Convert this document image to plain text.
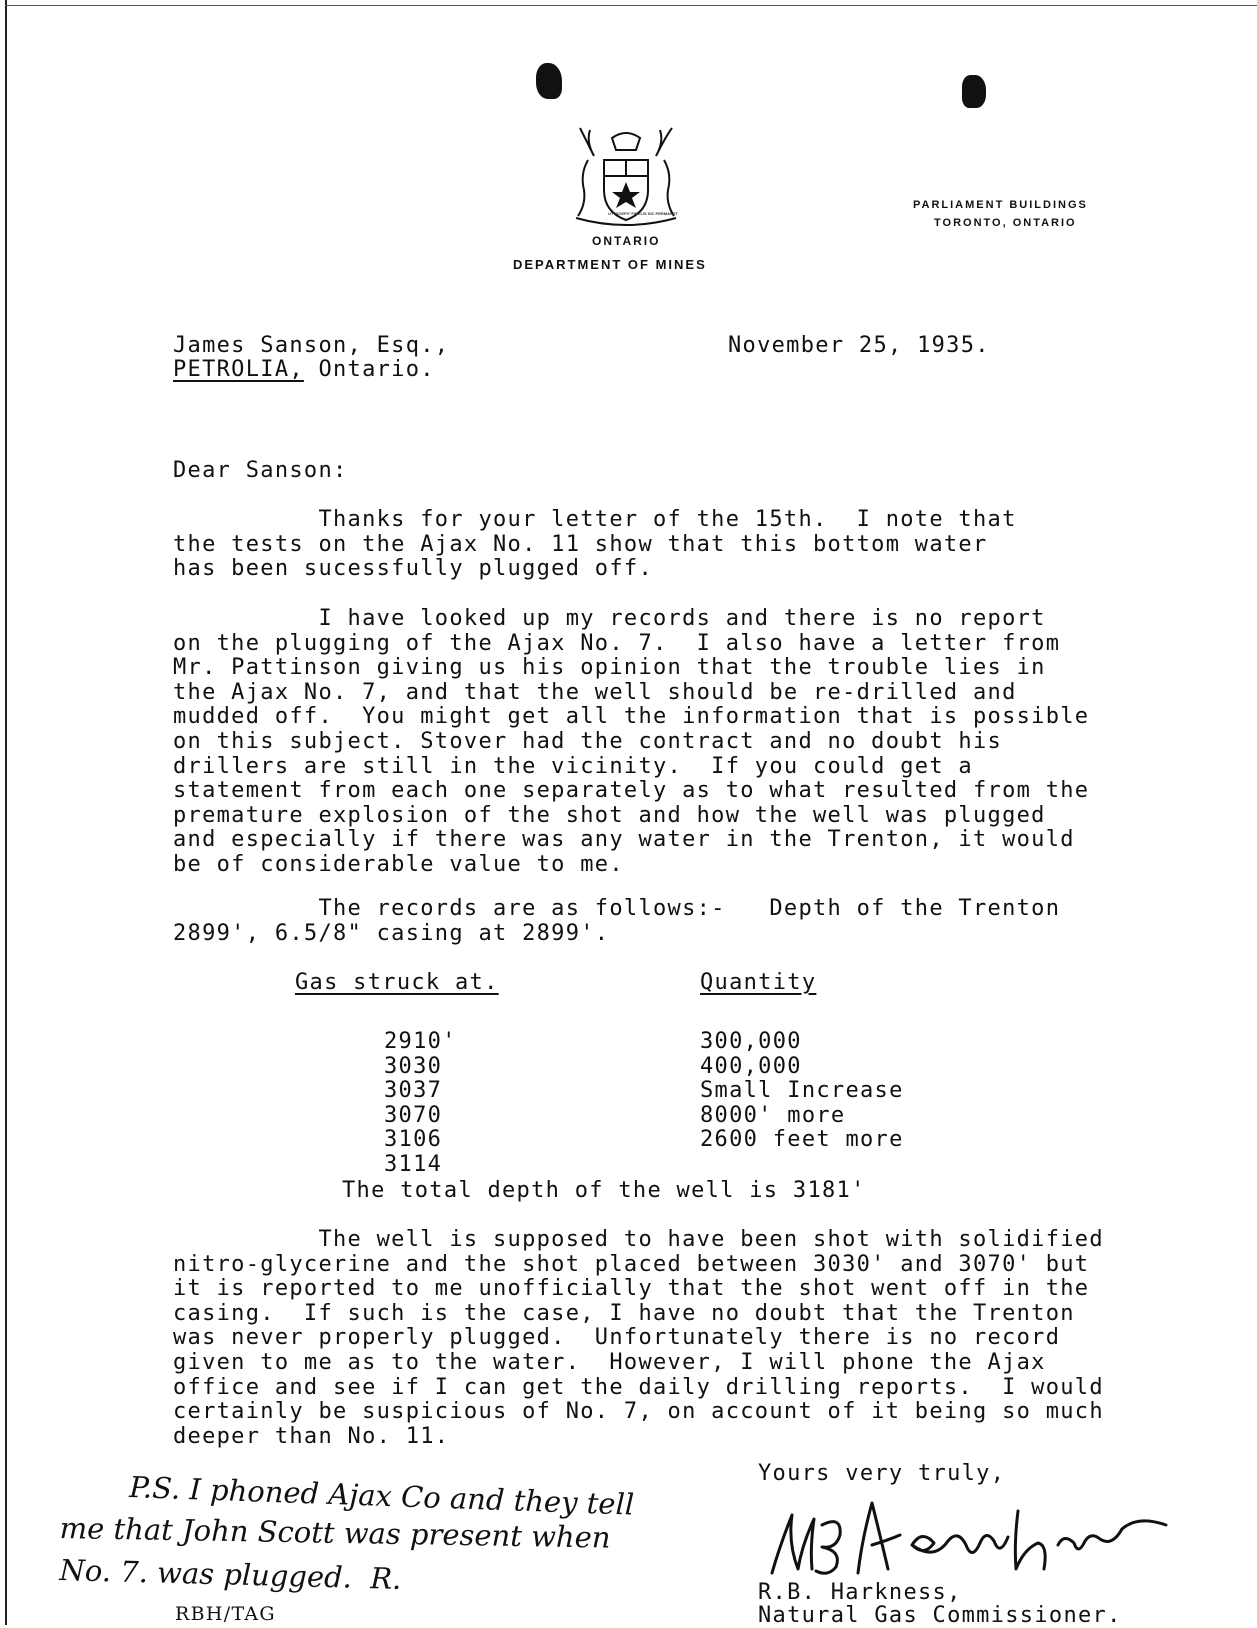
UT INCEPIT FIDELIS SIC PERMANET
ONTARIO
DEPARTMENT OF MINES
PARLIAMENT BUILDINGS
TORONTO, ONTARIO
James Sanson, Esq.,
PETROLIA, Ontario.
November 25, 1935.
Dear Sanson:
Thanks for your letter of the 15th.  I note that
the tests on the Ajax No. 11 show that this bottom water
has been sucessfully plugged off.
I have looked up my records and there is no report
on the plugging of the Ajax No. 7.  I also have a letter from
Mr. Pattinson giving us his opinion that the trouble lies in
the Ajax No. 7, and that the well should be re-drilled and
mudded off.  You might get all the information that is possible
on this subject. Stover had the contract and no doubt his
drillers are still in the vicinity.  If you could get a
statement from each one separately as to what resulted from the
premature explosion of the shot and how the well was plugged
and especially if there was any water in the Trenton, it would
be of considerable value to me.
The records are as follows:-   Depth of the Trenton
2899', 6.5/8" casing at 2899'.
Gas struck at.	Quantity
2910'
3030
3037
3070
3106
3114
300,000
400,000
Small Increase
8000' more
2600 feet more
The total depth of the well is 3181'
The well is supposed to have been shot with solidified
nitro-glycerine and the shot placed between 3030' and 3070' but
it is reported to me unofficially that the shot went off in the
casing.  If such is the case, I have no doubt that the Trenton
was never properly plugged.  Unfortunately there is no record
given to me as to the water.  However, I will phone the Ajax
office and see if I can get the daily drilling reports.  I would
certainly be suspicious of No. 7, on account of it being so much
deeper than No. 11.
Yours very truly,
R
R.B. Harkness,
Natural Gas Commissioner.
P.S. I phoned Ajax Co and they tell
me that John Scott was present when
No. 7. was plugged.  R.
RBH/TAG
